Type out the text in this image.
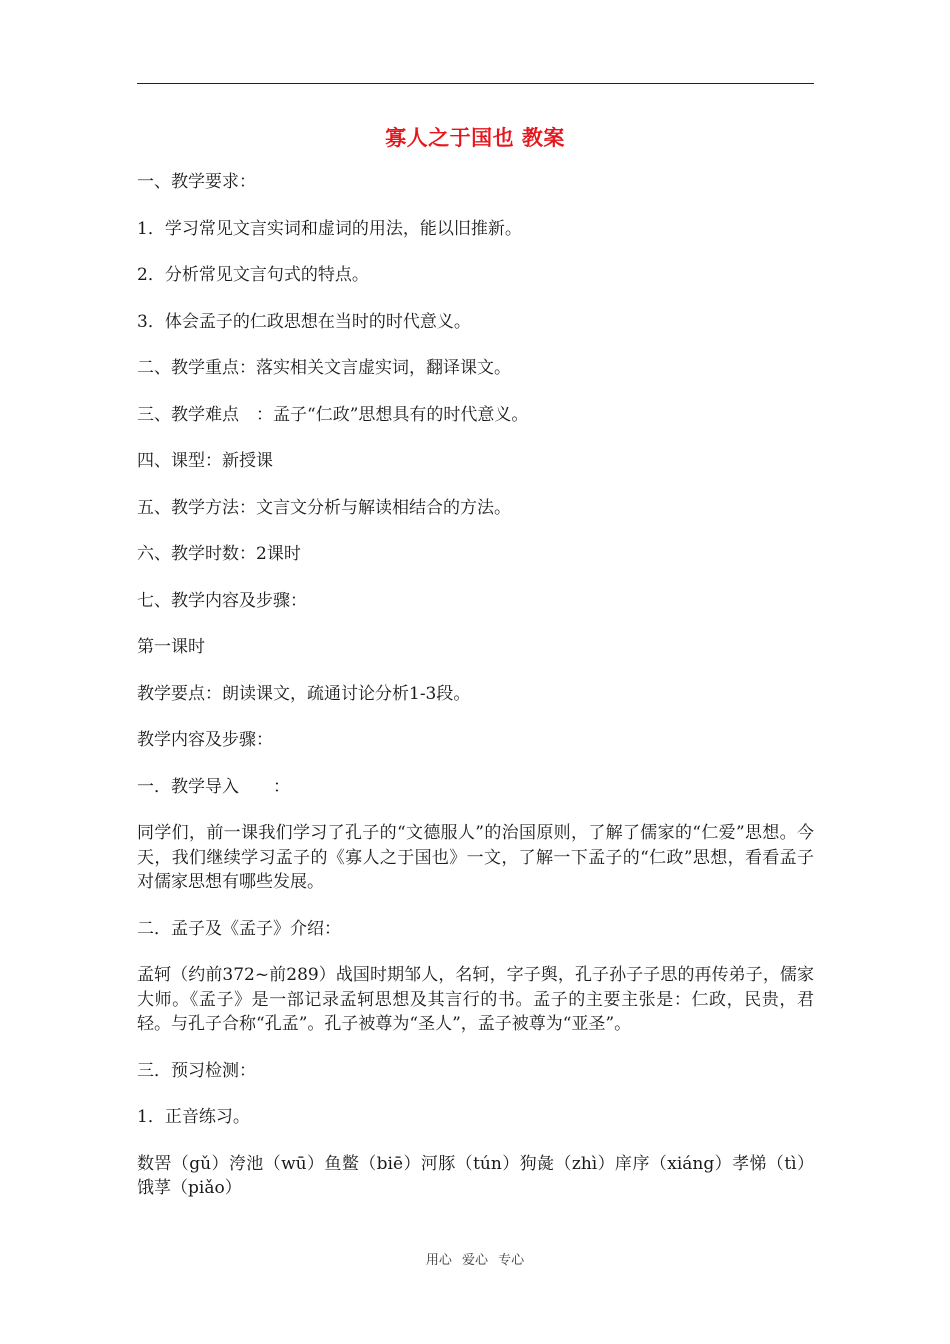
寡人之于国也 教案
一、教学要求：
1．学习常见文言实词和虚词的用法，能以旧推新。
2．分析常见文言句式的特点。
3．体会孟子的仁政思想在当时的时代意义。
二、教学重点：落实相关文言虚实词，翻译课文。
三、教学难点　：孟子“仁政”思想具有的时代意义。
四、课型：新授课
五、教学方法：文言文分析与解读相结合的方法。
六、教学时数：2课时
七、教学内容及步骤：
第一课时
教学要点：朗读课文，疏通讨论分析1-3段。
教学内容及步骤：
一．教学导入　　：
同学们，前一课我们学习了孔子的“文德服人”的治国原则，了解了儒家的“仁爱”思想。今天，我们继续学习孟子的《寡人之于国也》一文，了解一下孟子的“仁政”思想，看看孟子对儒家思想有哪些发展。
二．孟子及《孟子》介绍：
孟轲（约前372~前289）战国时期邹人，名轲，字子舆，孔子孙子子思的再传弟子，儒家大师。《孟子》是一部记录孟轲思想及其言行的书。孟子的主要主张是：仁政，民贵，君轻。与孔子合称“孔孟”。孔子被尊为“圣人”，孟子被尊为“亚圣”。
三．预习检测：
1．正音练习。
数罟（gǔ）洿池（wū）鱼鳖（biē）河豚（tún）狗彘（zhì）庠序（xiáng）孝悌（tì）饿莩（piǎo）
用心 爱心 专心
